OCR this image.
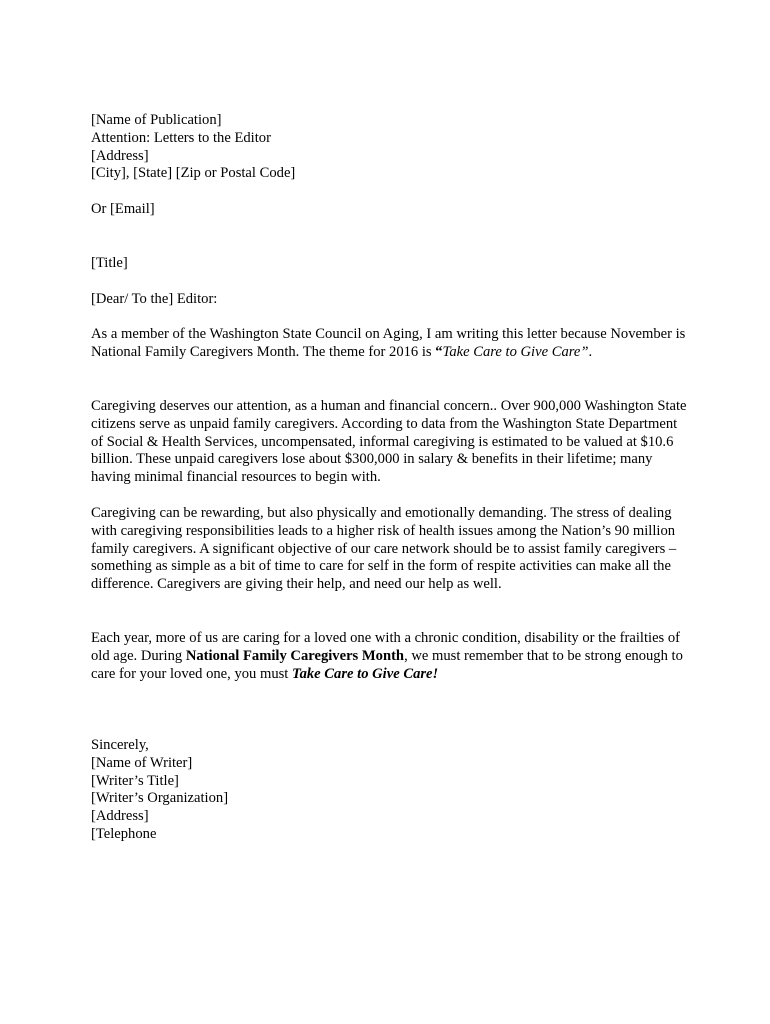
[Name of Publication]
Attention: Letters to the Editor
[Address]
[City], [State] [Zip or Postal Code]
Or [Email]
[Title]
[Dear/ To the] Editor:

As a member of the Washington State Council on Aging, I am writing this letter because November is National Family Caregivers Month. The theme for 2016 is “Take Care to Give Care”.

Caregiving deserves our attention, as a human and financial concern.. Over 900,000 Washington State citizens serve as unpaid family caregivers. According to data from the Washington State Department of Social & Health Services, uncompensated, informal caregiving is estimated to be valued at $10.6 billion. These unpaid caregivers lose about $300,000 in salary & benefits in their lifetime; many having minimal financial resources to begin with.

Caregiving can be rewarding, but also physically and emotionally demanding. The stress of dealing with caregiving responsibilities leads to a higher risk of health issues among the Nation’s 90 million family caregivers. A significant objective of our care network should be to assist family caregivers – something as simple as a bit of time to care for self in the form of respite activities can make all the difference. Caregivers are giving their help, and need our help as well.

Each year, more of us are caring for a loved one with a chronic condition, disability or the frailties of old age. During National Family Caregivers Month, we must remember that to be strong enough to care for your loved one, you must Take Care to Give Care!

Sincerely,
[Name of Writer]
[Writer’s Title]
[Writer’s Organization]
[Address]
[Telephone
